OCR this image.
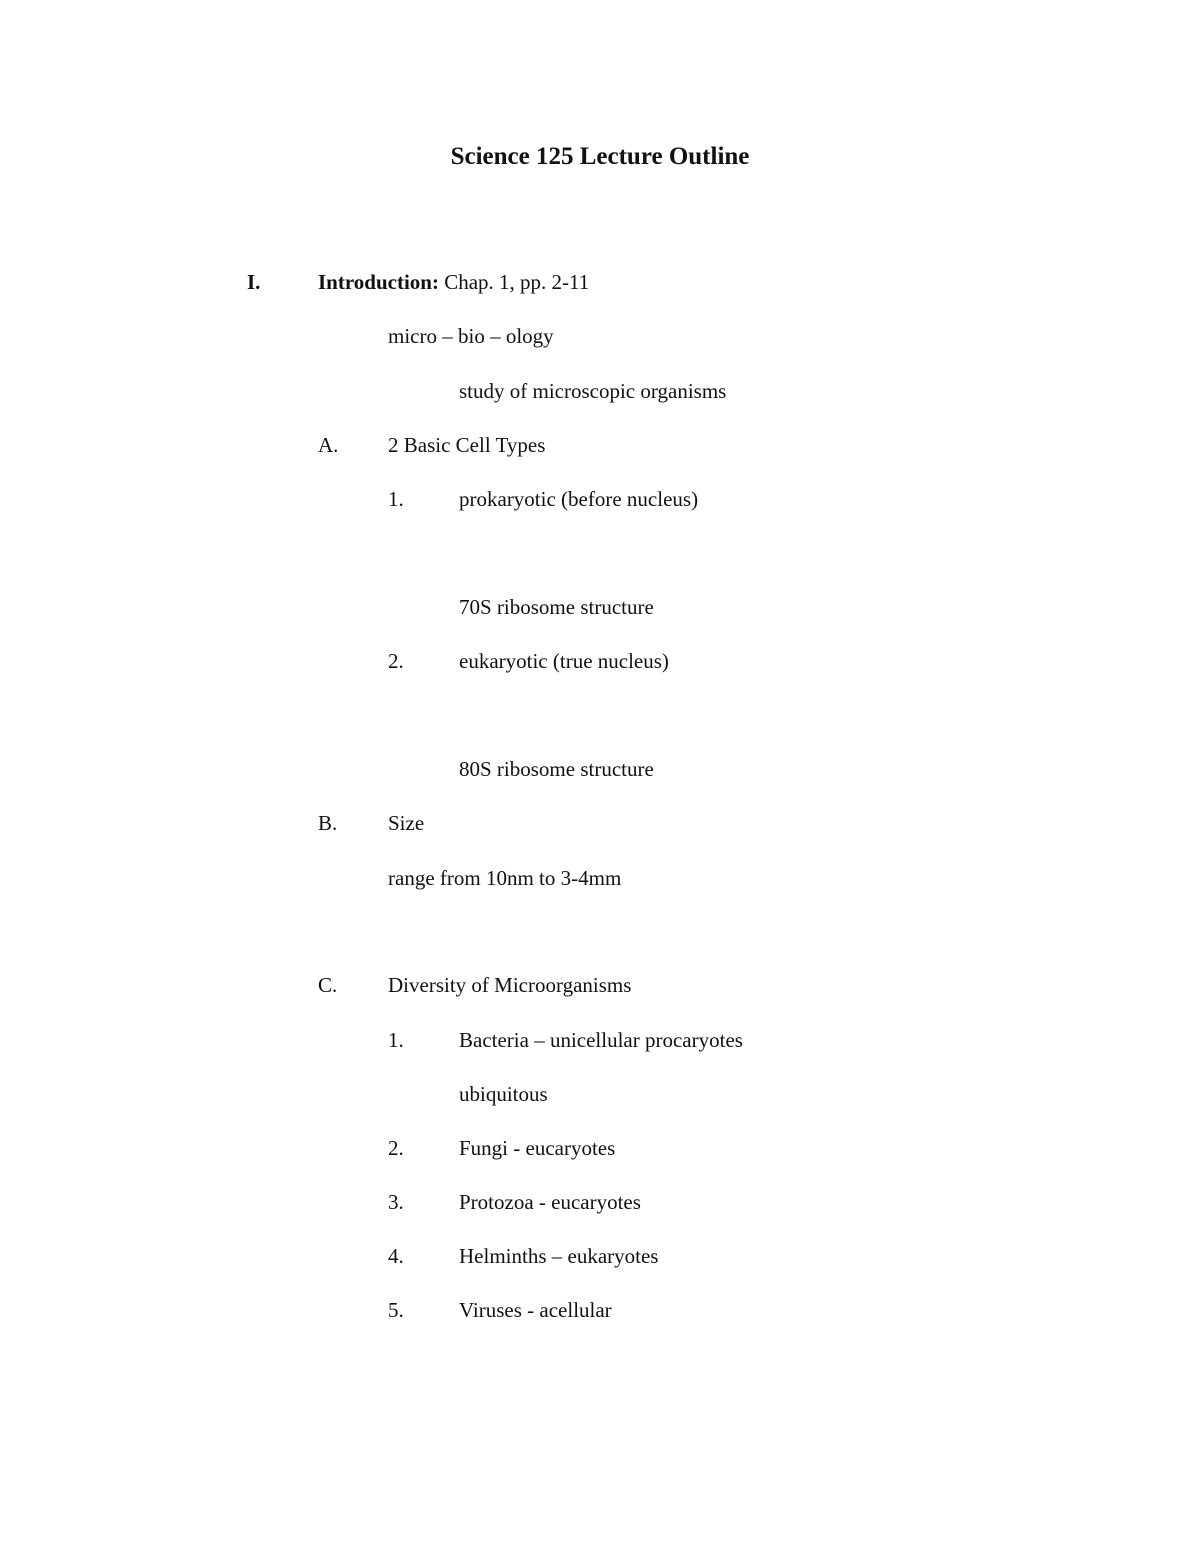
Science 125 Lecture Outline
I.	Introduction: Chap. 1, pp. 2-11
micro – bio – ology
study of microscopic organisms
A. 2 Basic Cell Types
1.	prokaryotic (before nucleus)
70S ribosome structure
2.	eukaryotic (true nucleus)
80S ribosome structure
B. Size
range from 10nm to 3-4mm
C. Diversity of Microorganisms
1.	Bacteria – unicellular procaryotes
ubiquitous
2.	Fungi - eucaryotes
3.	Protozoa - eucaryotes
4.	Helminths – eukaryotes
5.	Viruses - acellular
